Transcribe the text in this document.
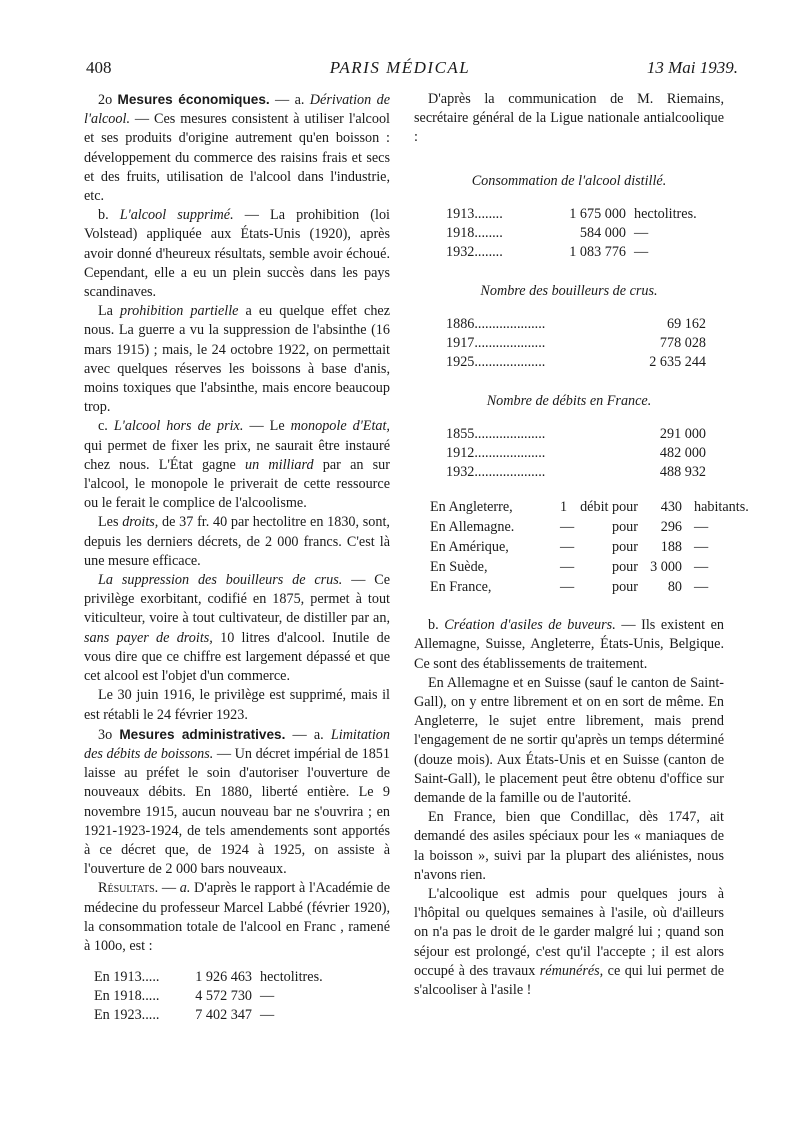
408	PARIS MÉDICAL	13 Mai 1939.

2o Mesures économiques. — a. Dérivation de l'alcool. — Ces mesures consistent à utiliser l'alcool et ses produits d'origine autrement qu'en boisson : développement du commerce des raisins frais et secs et des fruits, utilisation de l'alcool dans l'industrie, etc.

b. L'alcool supprimé. — La prohibition (loi Volstead) appliquée aux États-Unis (1920), après avoir donné d'heureux résultats, semble avoir échoué. Cependant, elle a eu un plein succès dans les pays scandinaves.

La prohibition partielle a eu quelque effet chez nous. La guerre a vu la suppression de l'absinthe (16 mars 1915) ; mais, le 24 octobre 1922, on permettait avec quelques réserves les boissons à base d'anis, moins toxiques que l'absinthe, mais encore beaucoup trop.

c. L'alcool hors de prix. — Le monopole d'Etat, qui permet de fixer les prix, ne saurait être instauré chez nous. L'État gagne un milliard par an sur l'alcool, le monopole le priverait de cette ressource ou le ferait le complice de l'alcoolisme.

Les droits, de 37 fr. 40 par hectolitre en 1830, sont, depuis les derniers décrets, de 2 000 francs. C'est là une mesure efficace.

La suppression des bouilleurs de crus. — Ce privilège exorbitant, codifié en 1875, permet à tout viticulteur, voire à tout cultivateur, de distiller par an, sans payer de droits, 10 litres d'alcool. Inutile de vous dire que ce chiffre est largement dépassé et que cet alcool est l'objet d'un commerce.

Le 30 juin 1916, le privilège est supprimé, mais il est rétabli le 24 février 1923.

3o Mesures administratives. — a. Limitation des débits de boissons. — Un décret impérial de 1851 laisse au préfet le soin d'autoriser l'ouverture de nouveaux débits. En 1880, liberté entière. Le 9 novembre 1915, aucun nouveau bar ne s'ouvrira ; en 1921-1923-1924, de tels amendements sont apportés à ce décret que, de 1924 à 1925, on assiste à l'ouverture de 2 000 bars nouveaux.

Résultats. — a. D'après le rapport à l'Académie de médecine du professeur Marcel Labbé (février 1920), la consommation totale de l'alcool en Franc , ramené à 100o, est :

En 1913.....	1 926 463 hectolitres.
En 1918.....	4 572 730 —
En 1923.....	7 402 347 —

D'après la communication de M. Riemains, secrétaire général de la Ligue nationale antialcoolique :

Consommation de l'alcool distillé.
1913........	1 675 000 hectolitres.
1918........	584 000 —
1932........	1 083 776 —
Nombre des bouilleurs de crus.
1886....................	69 162
1917....................	778 028
1925....................	2 635 244
Nombre de débits en France.
1855....................	291 000
1912....................	482 000
1932....................	488 932
En Angleterre,	1 débit pour 430 habitants.
En Allemagne.	—	pour 296 —
En Amérique,	—	pour 188 —
En Suède,	—	pour 3 000 —
En France,	—	pour 80 —

b. Création d'asiles de buveurs. — Ils existent en Allemagne, Suisse, Angleterre, États-Unis, Belgique. Ce sont des établissements de traitement.

En Allemagne et en Suisse (sauf le canton de Saint-Gall), on y entre librement et on en sort de même. En Angleterre, le sujet entre librement, mais prend l'engagement de ne sortir qu'après un temps déterminé (douze mois). Aux États-Unis et en Suisse (canton de Saint-Gall), le placement peut être obtenu d'office sur demande de la famille ou de l'autorité.

En France, bien que Condillac, dès 1747, ait demandé des asiles spéciaux pour les « maniaques de la boisson », suivi par la plupart des aliénistes, nous n'avons rien.

L'alcoolique est admis pour quelques jours à l'hôpital ou quelques semaines à l'asile, où d'ailleurs on n'a pas le droit de le garder malgré lui ; quand son séjour est prolongé, c'est qu'il l'accepte ; il est alors occupé à des travaux rémunérés, ce qui lui permet de s'alcooliser à l'asile !
